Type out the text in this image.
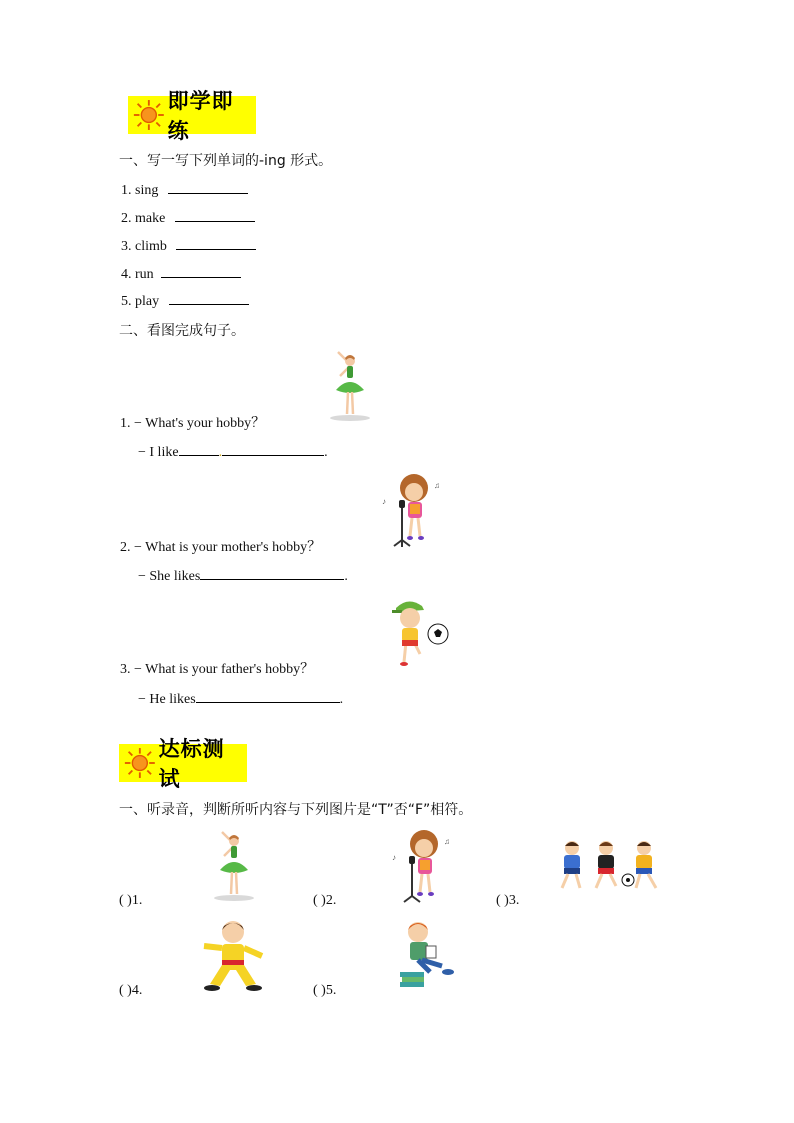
即学即练
一、写一写下列单词的-ing 形式。
1. sing
2. make
3. climb
4. run
5. play
二、看图完成句子。
1. − What's your hobby？
− I like	.	.
♪
♫
2. − What is your mother's hobby？
− She likes	.
3. − What is your father's hobby？
− He likes	.
达标测试
一、听录音，判断所听内容与下列图片是“T”否“F”相符。
♪
♫
( )1.	( )2.	( )3.
( )4.	( )5.
